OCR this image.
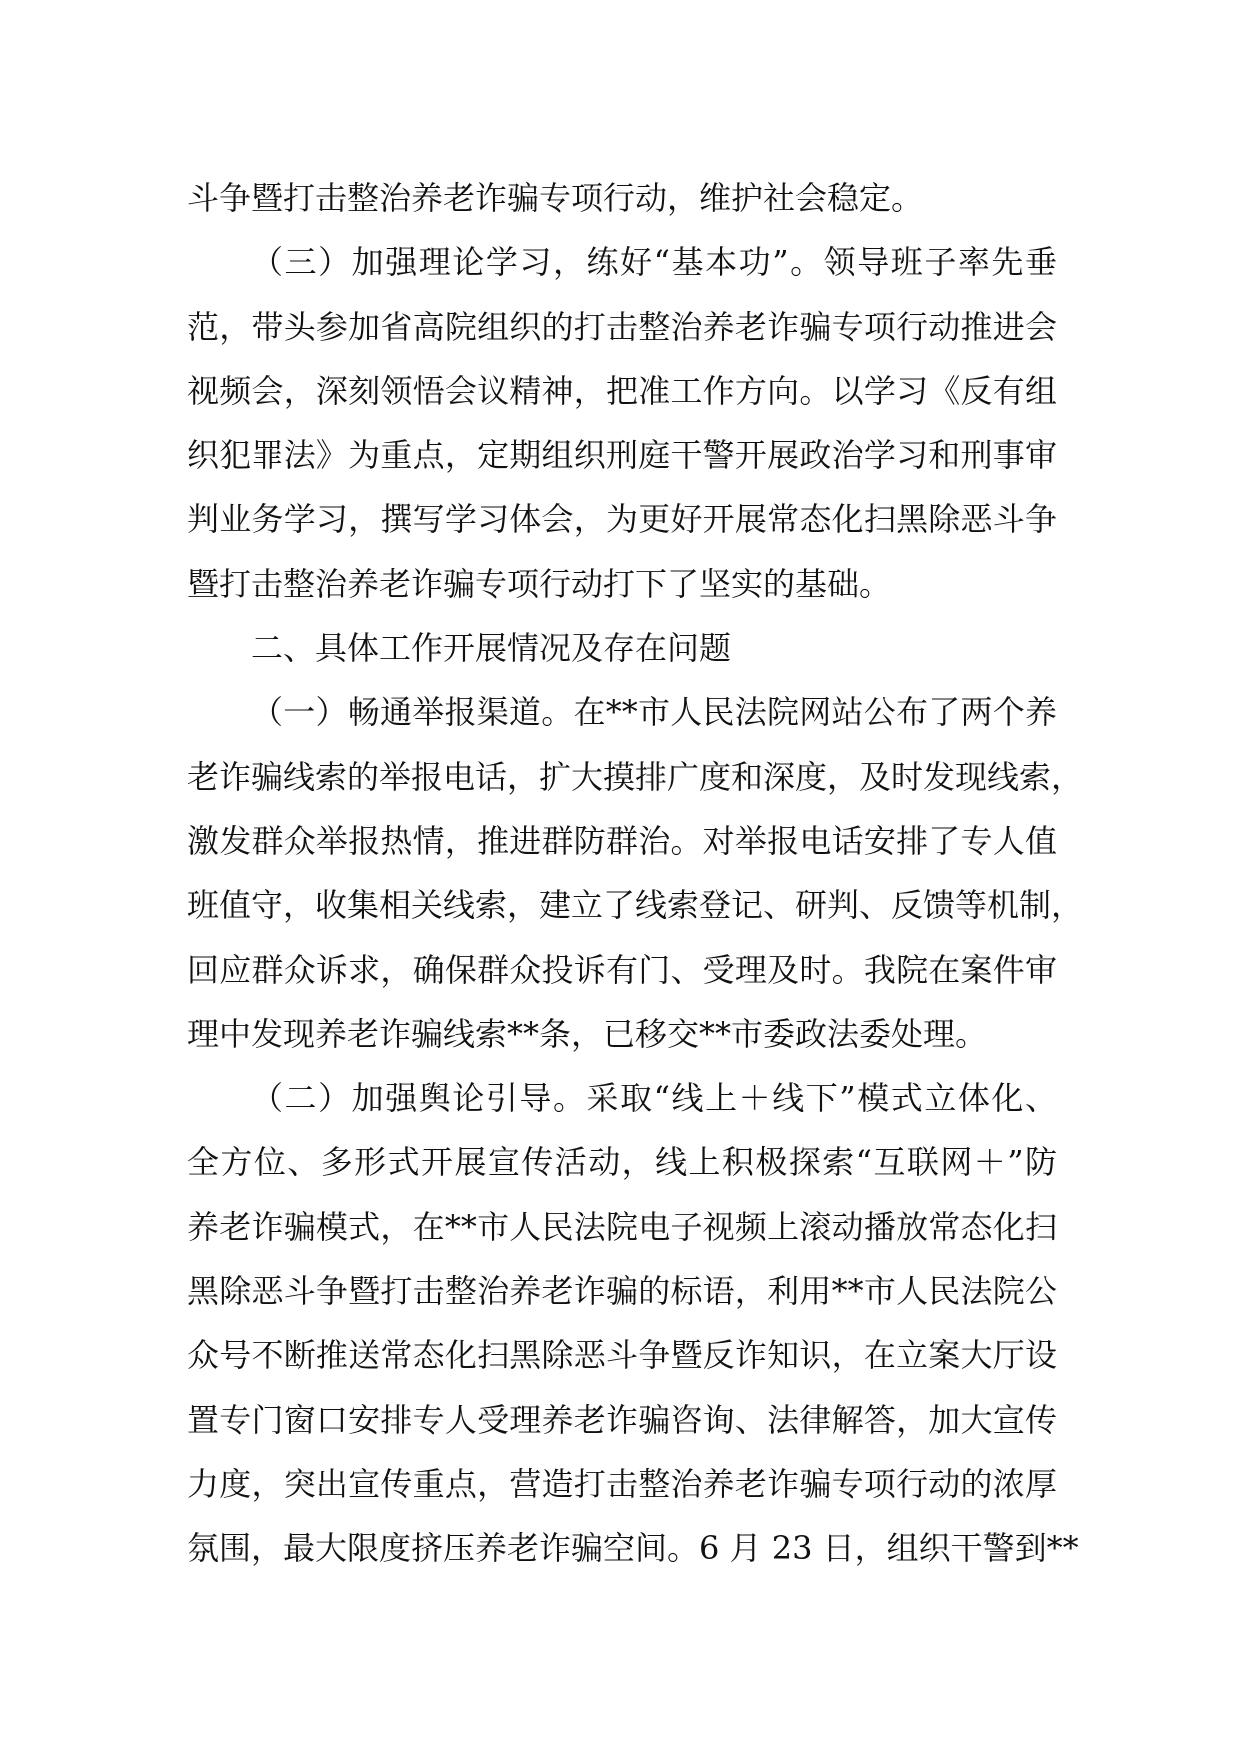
斗争暨打击整治养老诈骗专项行动，维护社会稳定。
（三）加强理论学习，练好“基本功”。领导班子率先垂
范，带头参加省高院组织的打击整治养老诈骗专项行动推进会
视频会，深刻领悟会议精神，把准工作方向。以学习《反有组
织犯罪法》为重点，定期组织刑庭干警开展政治学习和刑事审
判业务学习，撰写学习体会，为更好开展常态化扫黑除恶斗争
暨打击整治养老诈骗专项行动打下了坚实的基础。
二、具体工作开展情况及存在问题
（一）畅通举报渠道。在**市人民法院网站公布了两个养
老诈骗线索的举报电话，扩大摸排广度和深度，及时发现线索，
激发群众举报热情，推进群防群治。对举报电话安排了专人值
班值守，收集相关线索，建立了线索登记、研判、反馈等机制，
回应群众诉求，确保群众投诉有门、受理及时。我院在案件审
理中发现养老诈骗线索**条，已移交**市委政法委处理。
（二）加强舆论引导。采取“线上＋线下”模式立体化、
全方位、多形式开展宣传活动，线上积极探索“互联网＋”防
养老诈骗模式，在**市人民法院电子视频上滚动播放常态化扫
黑除恶斗争暨打击整治养老诈骗的标语，利用**市人民法院公
众号不断推送常态化扫黑除恶斗争暨反诈知识，在立案大厅设
置专门窗口安排专人受理养老诈骗咨询、法律解答，加大宣传
力度，突出宣传重点，营造打击整治养老诈骗专项行动的浓厚
氛围，最大限度挤压养老诈骗空间。6 月 23 日，组织干警到**
